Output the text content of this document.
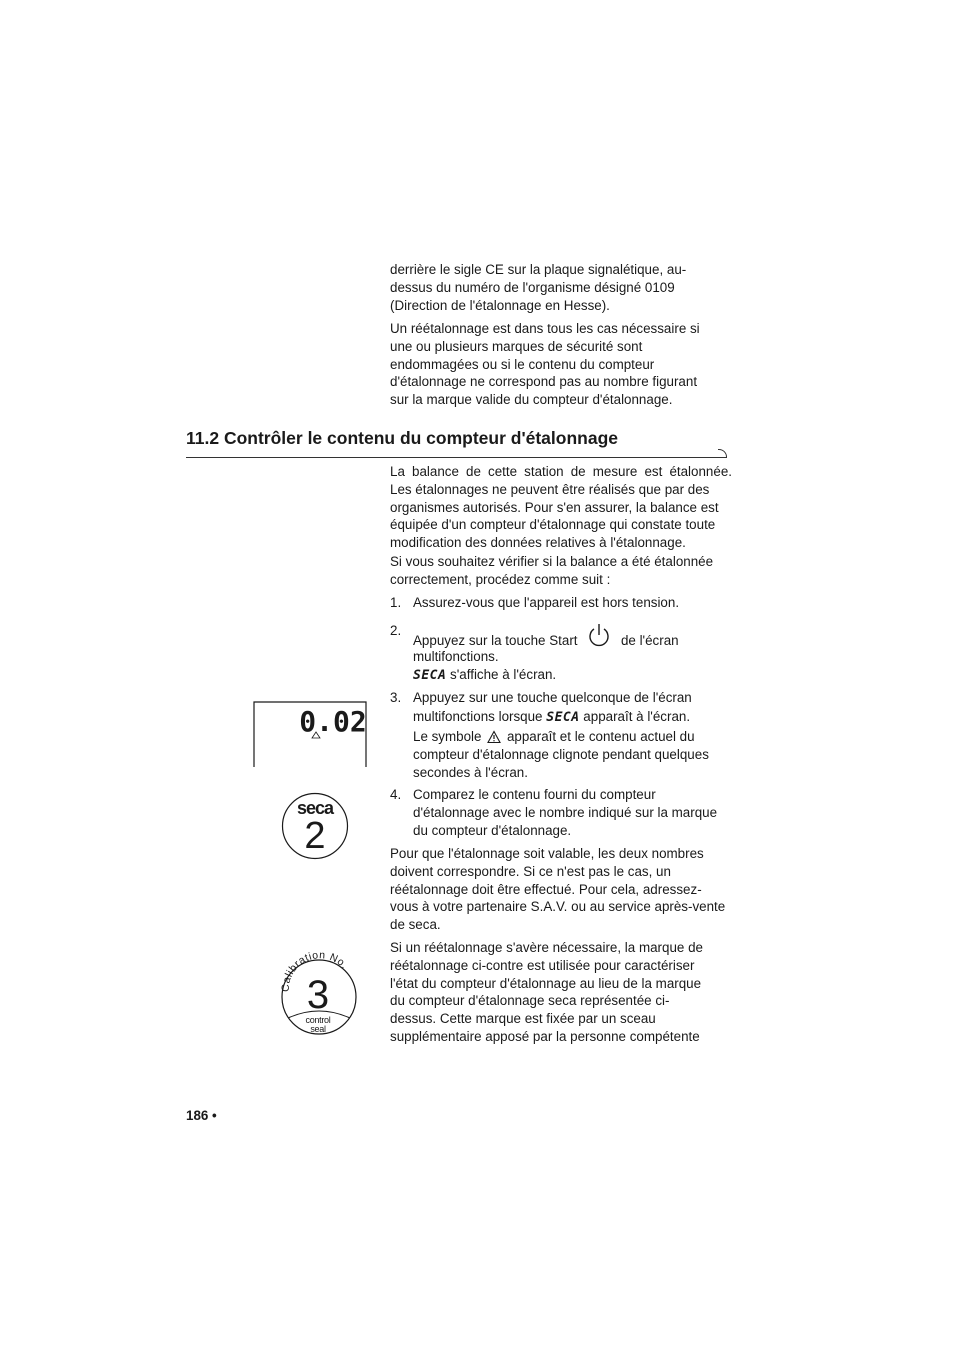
derrière le sigle CE sur la plaque signalétique, au-
dessus du numéro de l'organisme désigné 0109
(Direction de l'étalonnage en Hesse).
Un réétalonnage est dans tous les cas nécessaire si
une ou plusieurs marques de sécurité sont
endommagées ou si le contenu du compteur
d'étalonnage ne correspond pas au nombre figurant
sur la marque valide du compteur d'étalonnage.
11.2 Contrôler le contenu du compteur d'étalonnage
La balance de cette station de mesure est étalonnée.
Les étalonnages ne peuvent être réalisés que par des
organismes autorisés. Pour s'en assurer, la balance est
équipée d'un compteur d'étalonnage qui constate toute
modification des données relatives à l'étalonnage.
Si vous souhaitez vérifier si la balance a été étalonnée
correctement, procédez comme suit :
1. Assurez-vous que l'appareil est hors tension.
2.
Appuyez sur la touche Start	de l'écran
multifonctions.
SECA s'affiche à l'écran.
3. Appuyez sur une touche quelconque de l'écran
multifonctions lorsque SECA apparaît à l'écran.
Le symbole apparaît et le contenu actuel du
compteur d'étalonnage clignote pendant quelques
secondes à l'écran.
4. Comparez le contenu fourni du compteur
d'étalonnage avec le nombre indiqué sur la marque
du compteur d'étalonnage.
Pour que l'étalonnage soit valable, les deux nombres
doivent correspondre. Si ce n'est pas le cas, un
réétalonnage doit être effectué. Pour cela, adressez-
vous à votre partenaire S.A.V. ou au service après-vente
de seca.
Si un réétalonnage s'avère nécessaire, la marque de
réétalonnage ci-contre est utilisée pour caractériser
l'état du compteur d'étalonnage au lieu de la marque
du compteur d'étalonnage seca représentée ci-
dessus. Cette marque est fixée par un sceau
supplémentaire apposé par la personne compétente
0.02
seca
2
Calibration No.
3
control
seal
186 •
